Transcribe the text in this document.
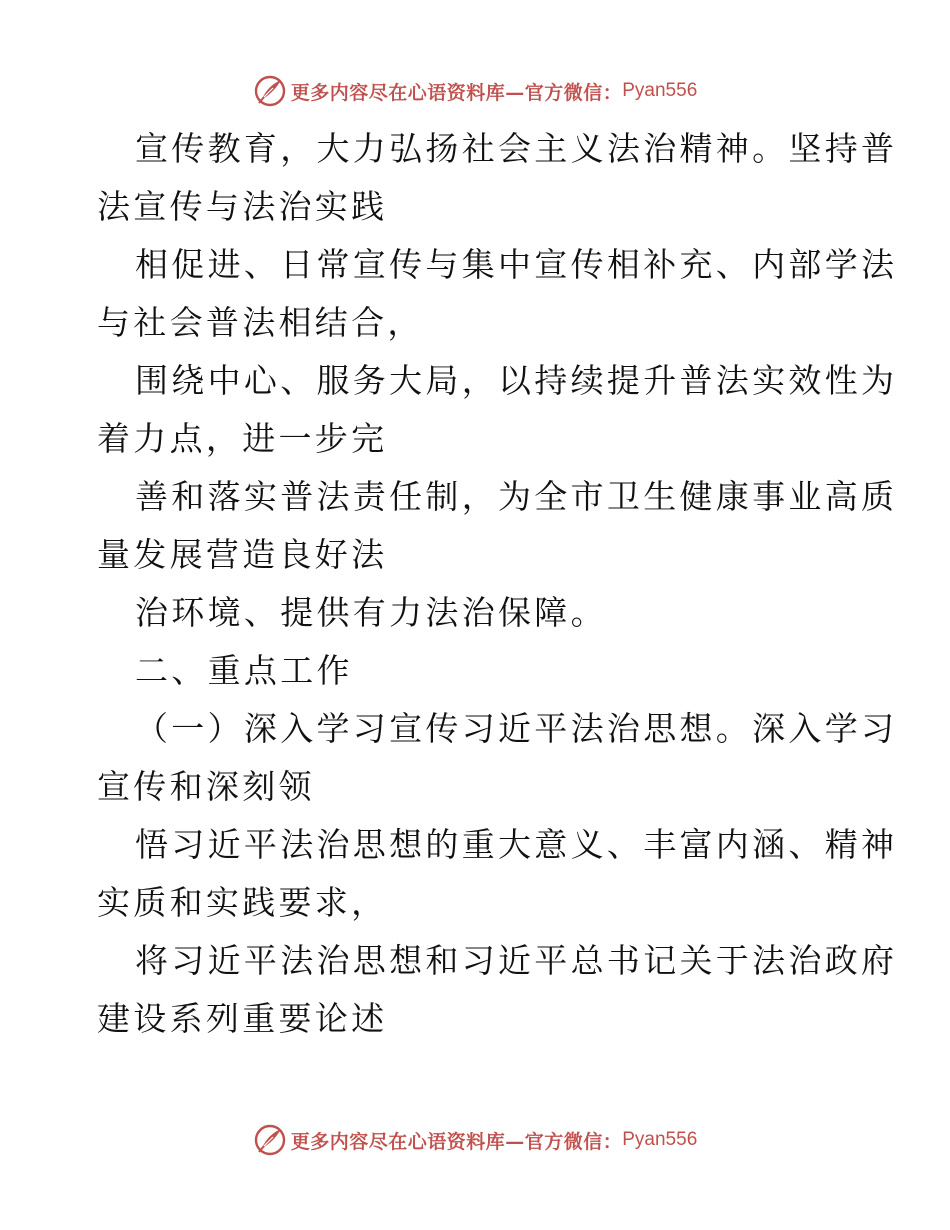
更多内容尽在心语资料库—官方微信： Pyan556
宣传教育，大力弘扬社会主义法治精神。坚持普
法宣传与法治实践
相促进、日常宣传与集中宣传相补充、内部学法
与社会普法相结合，
围绕中心、服务大局，以持续提升普法实效性为
着力点，进一步完
善和落实普法责任制，为全市卫生健康事业高质
量发展营造良好法
治环境、提供有力法治保障。
二、重点工作
（一）深入学习宣传习近平法治思想。深入学习
宣传和深刻领
悟习近平法治思想的重大意义、丰富内涵、精神
实质和实践要求，
将习近平法治思想和习近平总书记关于法治政府
建设系列重要论述
更多内容尽在心语资料库—官方微信： Pyan556
